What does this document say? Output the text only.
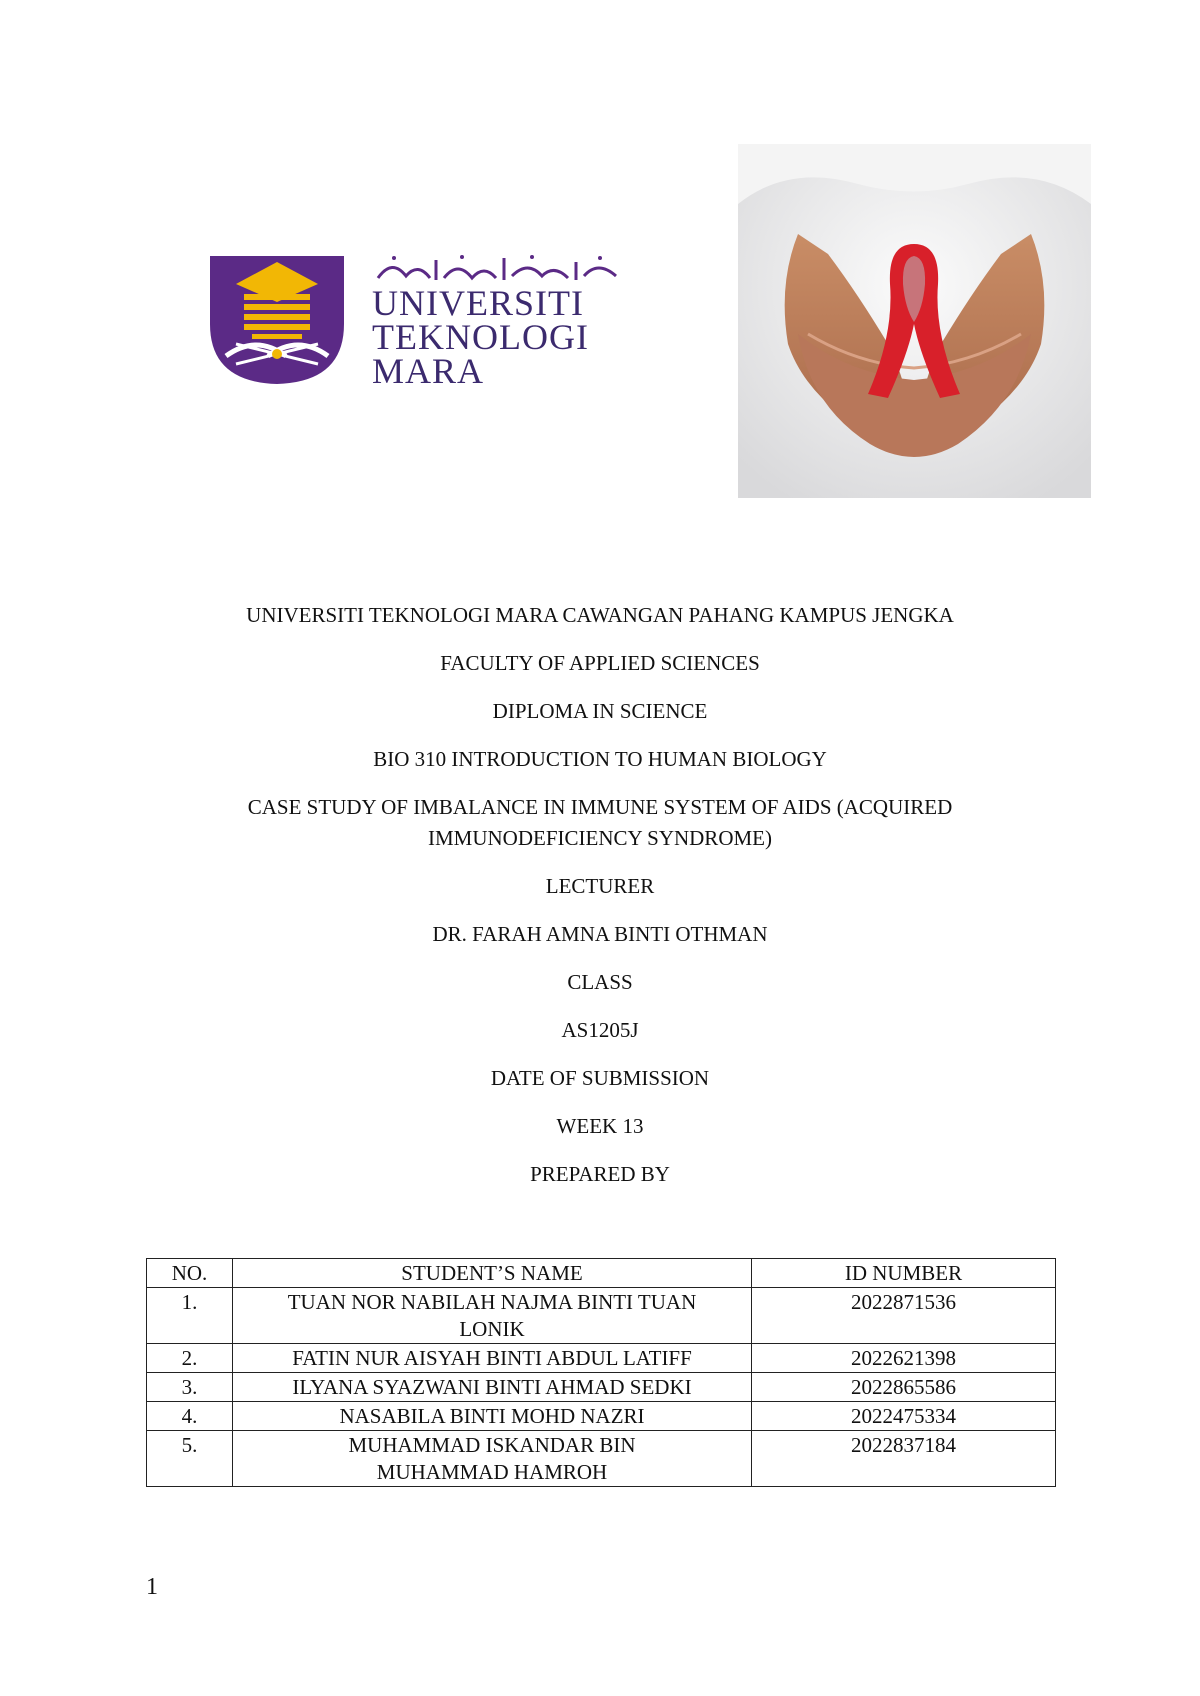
UNIVERSITI
TEKNOLOGI
MARA

UNIVERSITI TEKNOLOGI MARA CAWANGAN PAHANG KAMPUS JENGKA

FACULTY OF APPLIED SCIENCES

DIPLOMA IN SCIENCE

BIO 310 INTRODUCTION TO HUMAN BIOLOGY

CASE STUDY OF IMBALANCE IN IMMUNE SYSTEM OF AIDS (ACQUIRED
IMMUNODEFICIENCY SYNDROME)

LECTURER

DR. FARAH AMNA BINTI OTHMAN

CLASS

AS1205J

DATE OF SUBMISSION

WEEK 13

PREPARED BY

NO.	STUDENT’S NAME	ID NUMBER
1.	TUAN NOR NABILAH NAJMA BINTI TUAN
LONIK	2022871536
2.	FATIN NUR AISYAH BINTI ABDUL LATIFF	2022621398
3.	ILYANA SYAZWANI BINTI AHMAD SEDKI	2022865586
4.	NASABILA BINTI MOHD NAZRI	2022475334
5.	MUHAMMAD ISKANDAR BIN
MUHAMMAD HAMROH	2022837184
1
